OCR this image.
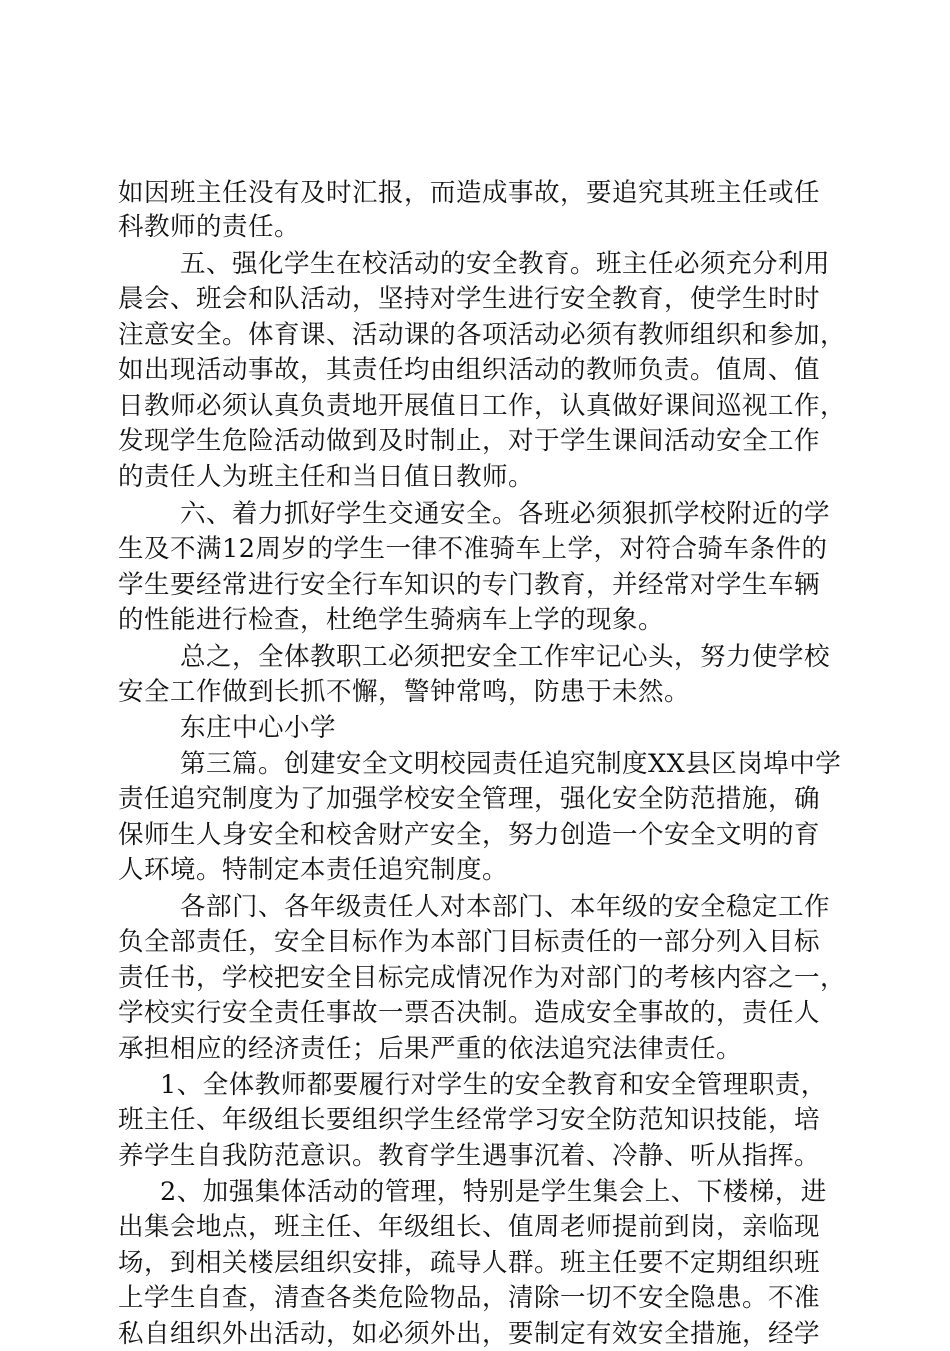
如因班主任没有及时汇报，而造成事故，要追究其班主任或任
科教师的责任。
五、强化学生在校活动的安全教育。班主任必须充分利用
晨会、班会和队活动，坚持对学生进行安全教育，使学生时时
注意安全。体育课、活动课的各项活动必须有教师组织和参加，
如出现活动事故，其责任均由组织活动的教师负责。值周、值
日教师必须认真负责地开展值日工作，认真做好课间巡视工作，
发现学生危险活动做到及时制止，对于学生课间活动安全工作
的责任人为班主任和当日值日教师。
六、着力抓好学生交通安全。各班必须狠抓学校附近的学
生及不满12周岁的学生一律不准骑车上学，对符合骑车条件的
学生要经常进行安全行车知识的专门教育，并经常对学生车辆
的性能进行检查，杜绝学生骑病车上学的现象。
总之，全体教职工必须把安全工作牢记心头，努力使学校
安全工作做到长抓不懈，警钟常鸣，防患于未然。
东庄中心小学
第三篇。创建安全文明校园责任追究制度XX县区岗埠中学
责任追究制度为了加强学校安全管理，强化安全防范措施，确
保师生人身安全和校舍财产安全，努力创造一个安全文明的育
人环境。特制定本责任追究制度。
各部门、各年级责任人对本部门、本年级的安全稳定工作
负全部责任，安全目标作为本部门目标责任的一部分列入目标
责任书，学校把安全目标完成情况作为对部门的考核内容之一，
学校实行安全责任事故一票否决制。造成安全事故的，责任人
承担相应的经济责任；后果严重的依法追究法律责任。
1、全体教师都要履行对学生的安全教育和安全管理职责，
班主任、年级组长要组织学生经常学习安全防范知识技能，培
养学生自我防范意识。教育学生遇事沉着、冷静、听从指挥。
2、加强集体活动的管理，特别是学生集会上、下楼梯，进
出集会地点，班主任、年级组长、值周老师提前到岗，亲临现
场，到相关楼层组织安排，疏导人群。班主任要不定期组织班
上学生自查，清查各类危险物品，清除一切不安全隐患。不准
私自组织外出活动，如必须外出，要制定有效安全措施，经学
